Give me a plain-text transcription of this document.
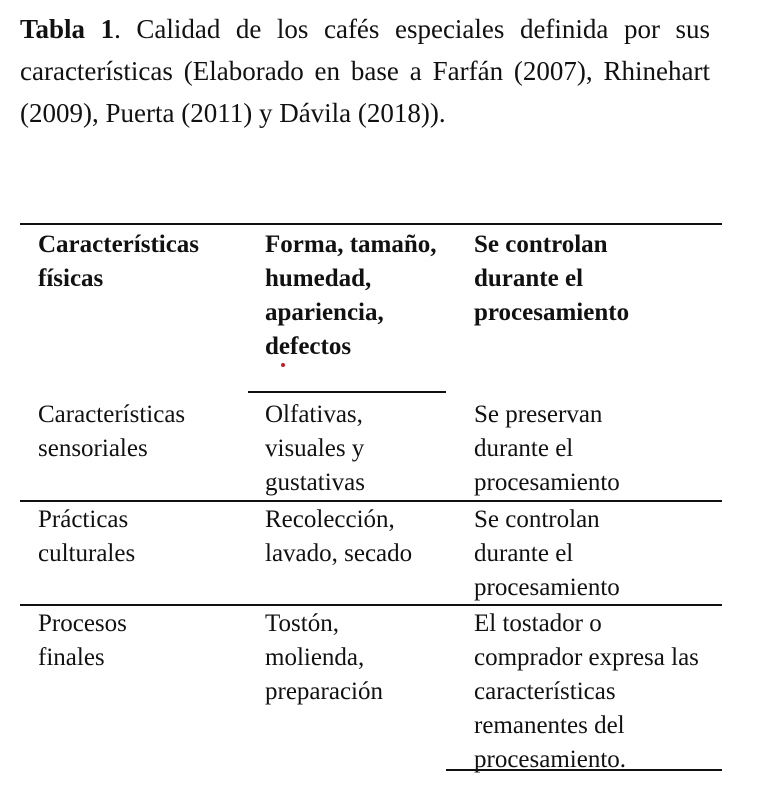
Tabla 1. Calidad de los cafés especiales definida por sus características (Elaborado en base a Farfán (2007), Rhinehart (2009), Puerta (2011) y Dávila (2018)).

Características físicas

Forma, tamaño, humedad, apariencia, defectos

Se controlan durante el procesamiento

Características sensoriales

Olfativas, visuales y gustativas

Se preservan durante el procesamiento

Prácticas culturales

Recolección, lavado, secado

Se controlan durante el procesamiento

Procesos finales

Tostón, molienda, preparación

El tostador o comprador expresa las características remanentes del procesamiento.
